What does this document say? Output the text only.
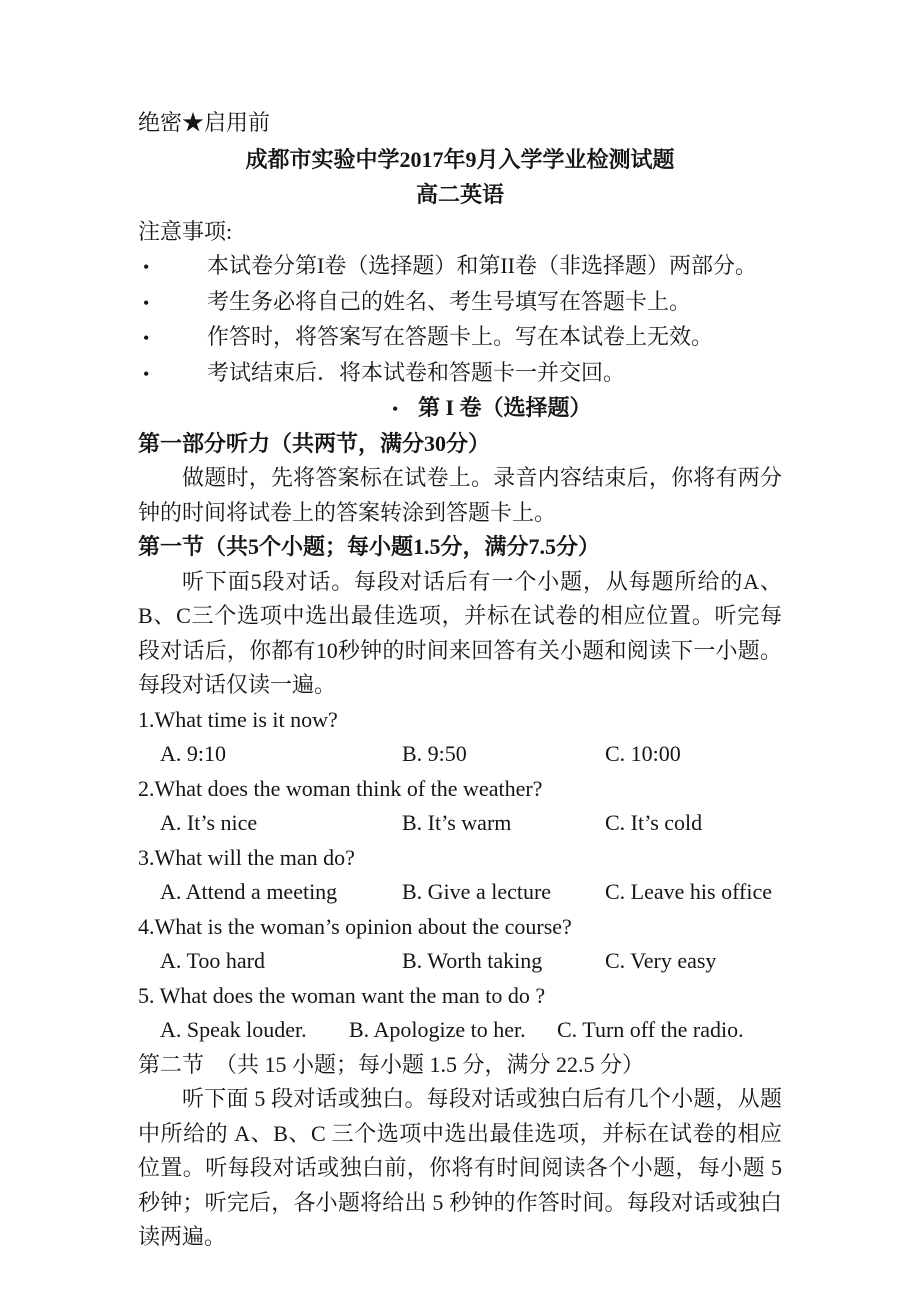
绝密★启用前
成都市实验中学2017年9月入学学业检测试题
高二英语
注意事项:
•	本试卷分第I卷（选择题）和第II卷（非选择题）两部分。
•	考生务必将自己的姓名、考生号填写在答题卡上。
•	作答时，将答案写在答题卡上。写在本试卷上无效。
•	考试结束后．将本试卷和答题卡一并交回。
• 第 I 卷（选择题）
第一部分听力（共两节，满分30分）

做题时，先将答案标在试卷上。录音内容结束后，你将有两分钟的时间将试卷上的答案转涂到答题卡上。

第一节（共5个小题；每小题1.5分，满分7.5分）

听下面5段对话。每段对话后有一个小题，从每题所给的A、B、C三个选项中选出最佳选项，并标在试卷的相应位置。听完每段对话后，你都有10秒钟的时间来回答有关小题和阅读下一小题。每段对话仅读一遍。

1.What time is it now?
A. 9:10	B. 9:50	C. 10:00
2.What does the woman think of the weather?
A. It’s nice	B. It’s warm	C. It’s cold
3.What will the man do?
A. Attend a meeting	B. Give a lecture	C. Leave his office
4.What is the woman’s opinion about the course?
A. Too hard	B. Worth taking	C. Very easy
5. What does the woman want the man to do ?
A. Speak louder.	B. Apologize to her.	C. Turn off the radio.
第二节　（共 15 小题；每小题 1.5 分，满分 22.5 分）

听下面 5 段对话或独白。每段对话或独白后有几个小题，从题中所给的 A、B、C 三个选项中选出最佳选项，并标在试卷的相应位置。听每段对话或独白前，你将有时间阅读各个小题，每小题 5 秒钟；听完后，各小题将给出 5 秒钟的作答时间。每段对话或独白读两遍。
